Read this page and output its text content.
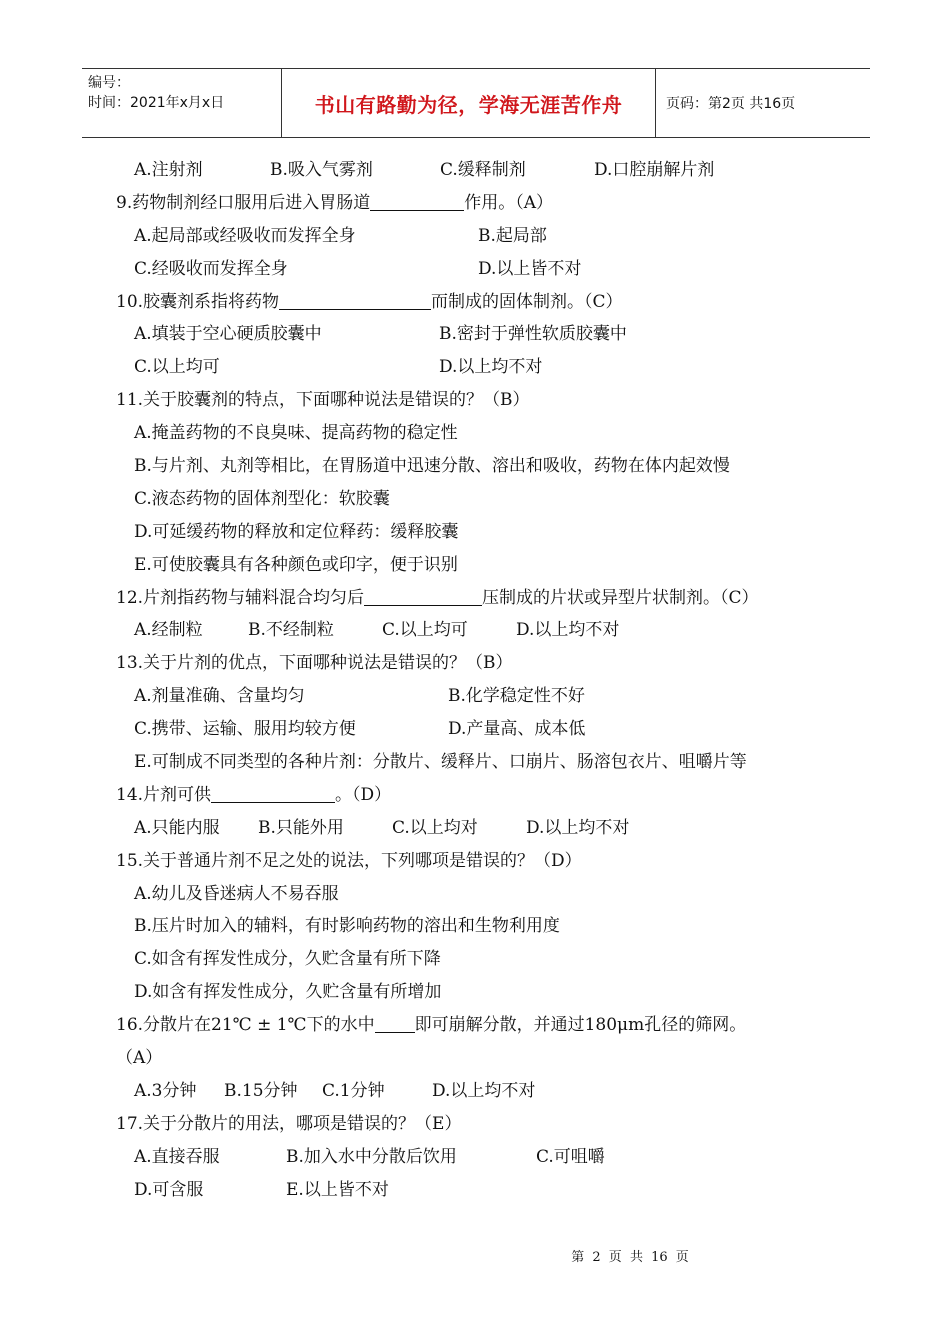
编号：
时间：2021年x月x日	书山有路勤为径，学海无涯苦作舟	页码：第2页 共16页
A.注射剂	B.吸入气雾剂	C.缓释制剂	D.口腔崩解片剂
9.药物制剂经口服用后进入胃肠道	作用。（A）
A.起局部或经吸收而发挥全身	B.起局部
C.经吸收而发挥全身	D.以上皆不对
10.胶囊剂系指将药物	而制成的固体制剂。（C）
A.填装于空心硬质胶囊中	B.密封于弹性软质胶囊中
C.以上均可	D.以上均不对
11.关于胶囊剂的特点，下面哪种说法是错误的？（B）
A.掩盖药物的不良臭味、提高药物的稳定性
B.与片剂、丸剂等相比，在胃肠道中迅速分散、溶出和吸收，药物在体内起效慢
C.液态药物的固体剂型化：软胶囊
D.可延缓药物的释放和定位释药：缓释胶囊
E.可使胶囊具有各种颜色或印字，便于识别
12.片剂指药物与辅料混合均匀后	压制成的片状或异型片状制剂。（C）
A.经制粒	B.不经制粒	C.以上均可	D.以上均不对
13.关于片剂的优点，下面哪种说法是错误的？（B）
A.剂量准确、含量均匀	B.化学稳定性不好
C.携带、运输、服用均较方便	D.产量高、成本低
E.可制成不同类型的各种片剂：分散片、缓释片、口崩片、肠溶包衣片、咀嚼片等
14.片剂可供	。（D）
A.只能内服 B.只能外用	C.以上均对	D.以上均不对
15.关于普通片剂不足之处的说法，下列哪项是错误的？（D）
A.幼儿及昏迷病人不易吞服
B.压片时加入的辅料，有时影响药物的溶出和生物利用度
C.如含有挥发性成分，久贮含量有所下降
D.如含有挥发性成分，久贮含量有所增加
16.分散片在21℃ ± 1℃下的水中 即可崩解分散，并通过180μm孔径的筛网。
（A）
A.3分钟 B.15分钟 C.1分钟	D.以上均不对
17.关于分散片的用法，哪项是错误的？（E）
A.直接吞服	B.加入水中分散后饮用	C.可咀嚼
D.可含服	E.以上皆不对
第 2 页 共 16 页
